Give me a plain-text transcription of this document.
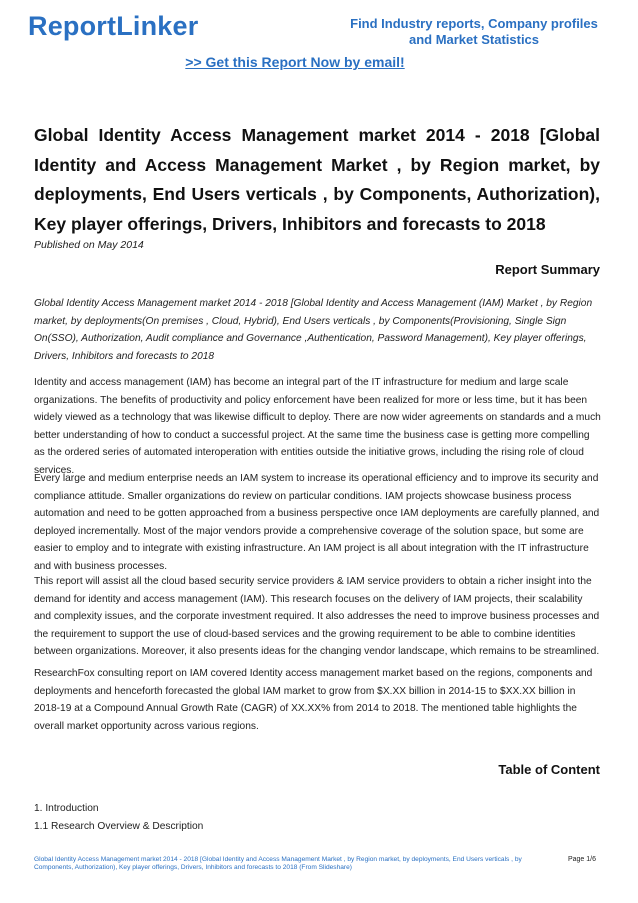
ReportLinker	Find Industry reports, Company profiles and Market Statistics
>> Get this Report Now by email!
Global Identity Access Management market 2014 - 2018 [Global Identity and Access Management Market , by Region market, by deployments, End Users verticals , by Components, Authorization), Key player offerings, Drivers, Inhibitors and forecasts to 2018
Published on May 2014
Report Summary

Global Identity Access Management market 2014 - 2018 [Global Identity and Access Management (IAM) Market , by Region market, by deployments(On premises , Cloud, Hybrid), End Users verticals , by Components(Provisioning, Single Sign On(SSO), Authorization, Audit compliance and Governance ,Authentication, Password Management), Key player offerings, Drivers, Inhibitors and forecasts to 2018

Identity and access management (IAM) has become an integral part of the IT infrastructure for medium and large scale organizations. The benefits of productivity and policy enforcement have been realized for more or less time, but it has been widely viewed as a technology that was likewise difficult to deploy. There are now wider agreements on standards and a much better understanding of how to conduct a successful project. At the same time the business case is getting more compelling as the ordered series of automated interoperation with entities outside the initiative grows, including the rising role of cloud services.

Every large and medium enterprise needs an IAM system to increase its operational efficiency and to improve its security and compliance attitude. Smaller organizations do review on particular conditions. IAM projects showcase business process automation and need to be gotten approached from a business perspective once IAM deployments are carefully planned, and deployed incrementally. Most of the major vendors provide a comprehensive coverage of the solution space, but some are easier to employ and to integrate with existing infrastructure. An IAM project is all about integration with the IT infrastructure and with business processes.

This report will assist all the cloud based security service providers & IAM service providers to obtain a richer insight into the demand for identity and access management (IAM). This research focuses on the delivery of IAM projects, their scalability and complexity issues, and the corporate investment required. It also addresses the need to improve business processes and the requirement to support the use of cloud-based services and the growing requirement to be able to combine identities between organizations. Moreover, it also presents ideas for the changing vendor landscape, which remains to be streamlined.

ResearchFox consulting report on IAM covered Identity access management market based on the regions, components and deployments and henceforth forecasted the global IAM market to grow from $X.XX billion in 2014-15 to $XX.XX billion in 2018-19 at a Compound Annual Growth Rate (CAGR) of XX.XX% from 2014 to 2018. The mentioned table highlights the overall market opportunity across various regions.

Table of Content
1. Introduction
1.1 Research Overview & Description
Global Identity Access Management market 2014 - 2018 [Global Identity and Access Management Market , by Region market, by deployments, End Users verticals , by Components, Authorization), Key player offerings, Drivers, Inhibitors and forecasts to 2018 (From Slideshare)
Page 1/6
